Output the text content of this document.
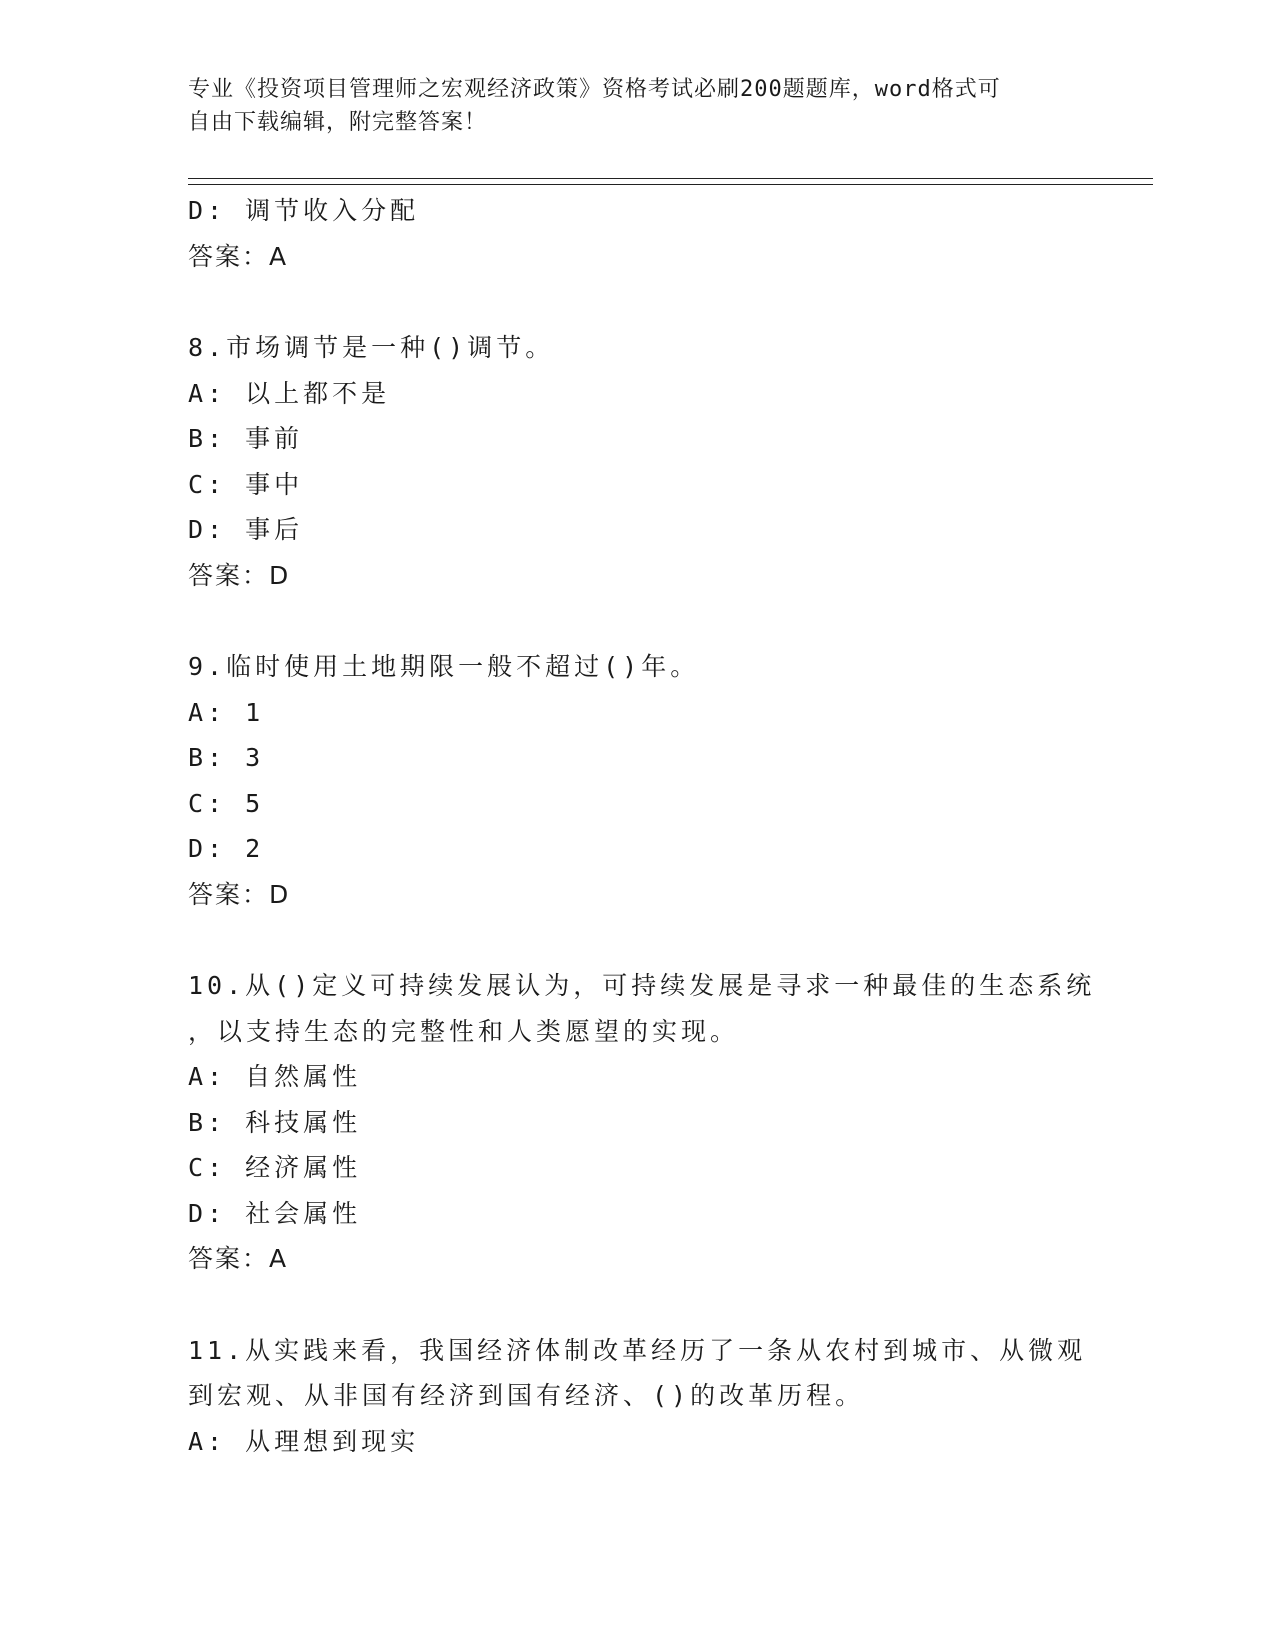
专业《投资项目管理师之宏观经济政策》资格考试必刷200题题库，word格式可
自由下载编辑，附完整答案！
D: 调节收入分配
答案：A
8.市场调节是一种()调节。
A: 以上都不是
B: 事前
C: 事中
D: 事后
答案：D
9.临时使用土地期限一般不超过()年。
A: 1
B: 3
C: 5
D: 2
答案：D
10.从()定义可持续发展认为，可持续发展是寻求一种最佳的生态系统
，以支持生态的完整性和人类愿望的实现。
A: 自然属性
B: 科技属性
C: 经济属性
D: 社会属性
答案：A
11.从实践来看，我国经济体制改革经历了一条从农村到城市、从微观
到宏观、从非国有经济到国有经济、()的改革历程。
A: 从理想到现实
